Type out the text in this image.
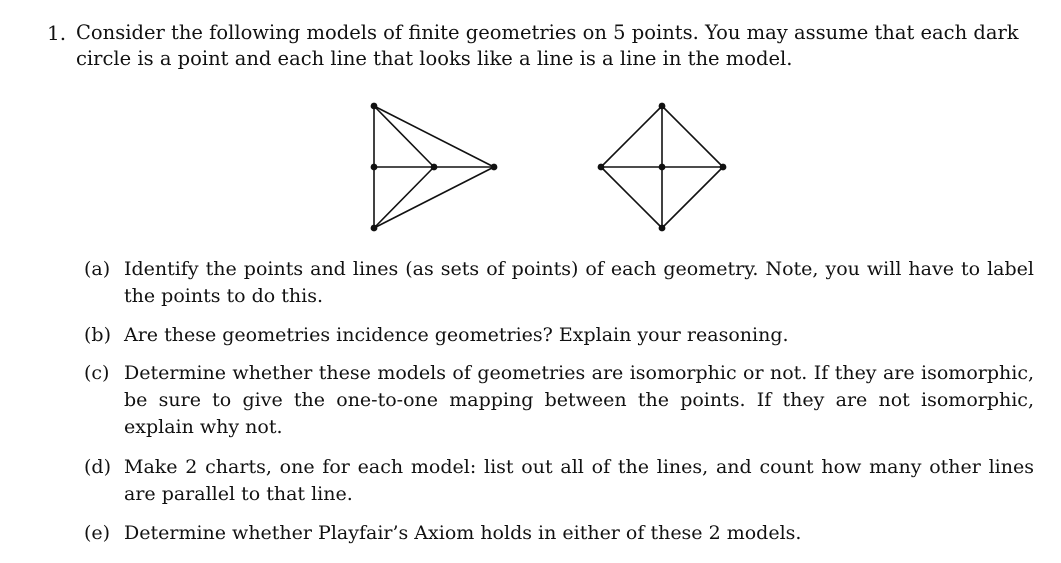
1. Consider the following models of finite geometries on 5 points. You may assume that each dark circle is a point and each line that looks like a line is a line in the model.
(a) Identify the points and lines (as sets of points) of each geometry. Note, you will have to label the points to do this.
(b) Are these geometries incidence geometries? Explain your reasoning.
(c) Determine whether these models of geometries are isomorphic or not. If they are isomorphic, be sure to give the one-to-one mapping between the points. If they are not isomorphic, explain why not.
(d) Make 2 charts, one for each model: list out all of the lines, and count how many other lines are parallel to that line.
(e) Determine whether Playfair’s Axiom holds in either of these 2 models.
